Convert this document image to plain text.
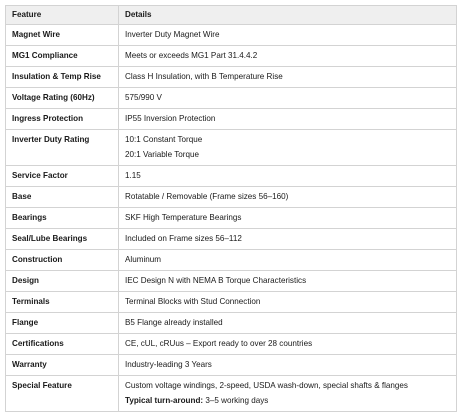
Feature	Details
Magnet Wire	Inverter Duty Magnet Wire
MG1 Compliance	Meets or exceeds MG1 Part 31.4.4.2
Insulation & Temp Rise	Class H Insulation, with B Temperature Rise
Voltage Rating (60Hz)	575/990 V
Ingress Protection	IP55 Inversion Protection
Inverter Duty Rating	10:1 Constant Torque
20:1 Variable Torque

Service Factor	1.15
Base	Rotatable / Removable (Frame sizes 56–160)
Bearings	SKF High Temperature Bearings
Seal/Lube Bearings	Included on Frame sizes 56–112
Construction	Aluminum
Design	IEC Design N with NEMA B Torque Characteristics
Terminals	Terminal Blocks with Stud Connection
Flange	B5 Flange already installed
Certifications	CE, cUL, cRUus – Export ready to over 28 countries
Warranty	Industry-leading 3 Years
Special Feature	Custom voltage windings, 2-speed, USDA wash-down, special shafts & flanges
Typical turn-around: 3–5 working days
